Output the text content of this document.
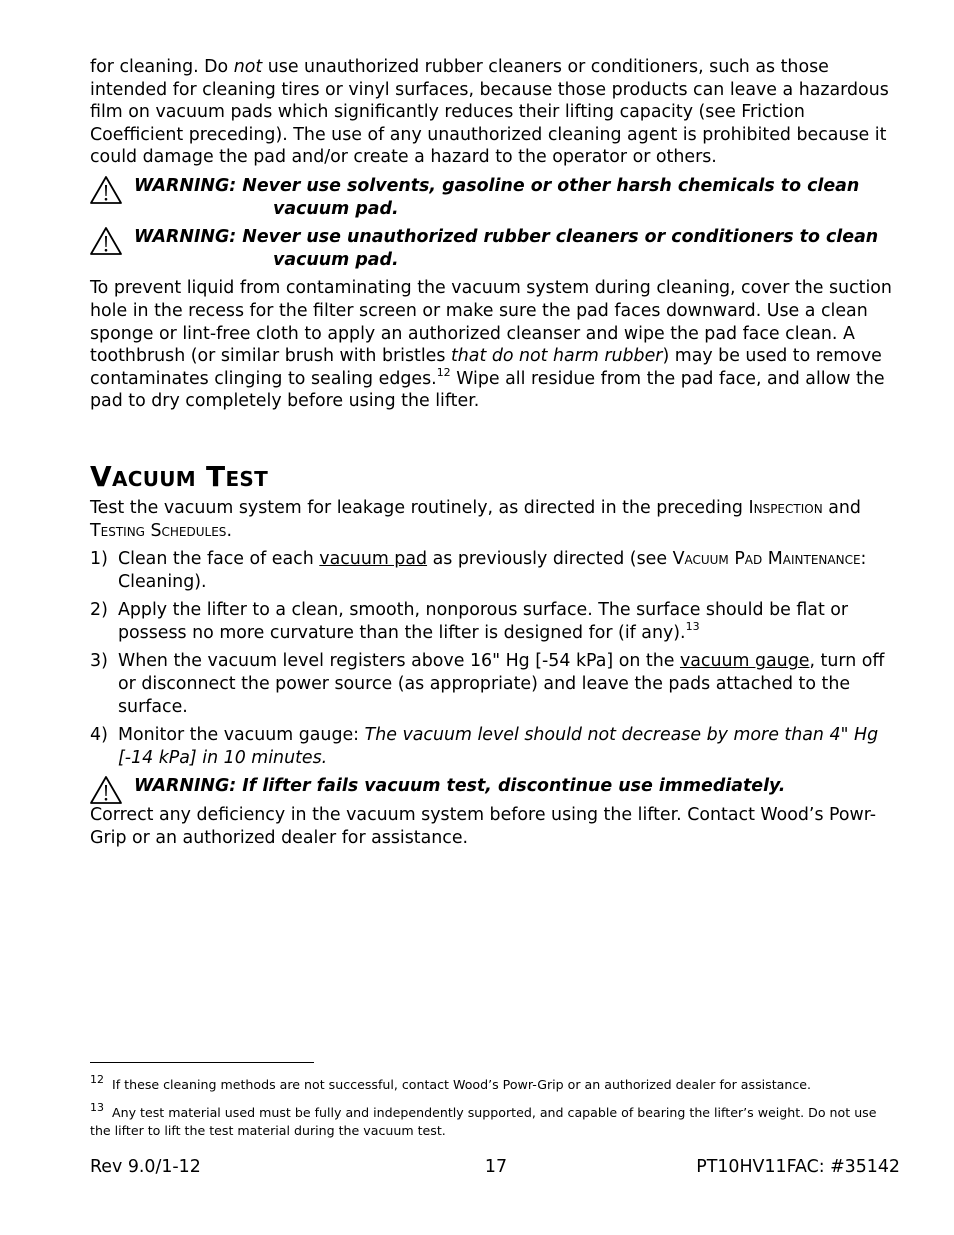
for cleaning. Do not use unauthorized rubber cleaners or conditioners, such as those intended for cleaning tires or vinyl surfaces, because those products can leave a hazardous film on vacuum pads which significantly reduces their lifting capacity (see Friction Coefficient preceding). The use of any unauthorized cleaning agent is prohibited because it could damage the pad and/or create a hazard to the operator or others.

WARNING: Never use solvents, gasoline or other harsh chemicals to clean
vacuum pad.
WARNING: Never use unauthorized rubber cleaners or conditioners to clean
vacuum pad.

To prevent liquid from contaminating the vacuum system during cleaning, cover the suction hole in the recess for the filter screen or make sure the pad faces downward. Use a clean sponge or lint-free cloth to apply an authorized cleanser and wipe the pad face clean. A toothbrush (or similar brush with bristles that do not harm rubber) may be used to remove contaminates clinging to sealing edges.$^{12}$ Wipe all residue from the pad face, and allow the pad to dry completely before using the lifter.

Vacuum Test

Test the vacuum system for leakage routinely, as directed in the preceding Inspection and Testing Schedules.

1) Clean the face of each vacuum pad as previously directed (see Vacuum Pad Maintenance: Cleaning).
2) Apply the lifter to a clean, smooth, nonporous surface. The surface should be flat or possess no more curvature than the lifter is designed for (if any).$^{13}$
3) When the vacuum level registers above 16" Hg [-54 kPa] on the vacuum gauge, turn off or disconnect the power source (as appropriate) and leave the pads attached to the surface.
4) Monitor the vacuum gauge: The vacuum level should not decrease by more than 4" Hg [-14 kPa] in 10 minutes.
WARNING: If lifter fails vacuum test, discontinue use immediately.

Correct any deficiency in the vacuum system before using the lifter. Contact Wood’s Powr-Grip or an authorized dealer for assistance.

$^{12}$ If these cleaning methods are not successful, contact Wood’s Powr-Grip or an authorized dealer for assistance.
$^{13}$ Any test material used must be fully and independently supported, and capable of bearing the lifter’s weight. Do not use the lifter to lift the test material during the vacuum test.
Rev 9.0/1-12	17	PT10HV11FAC: #35142
